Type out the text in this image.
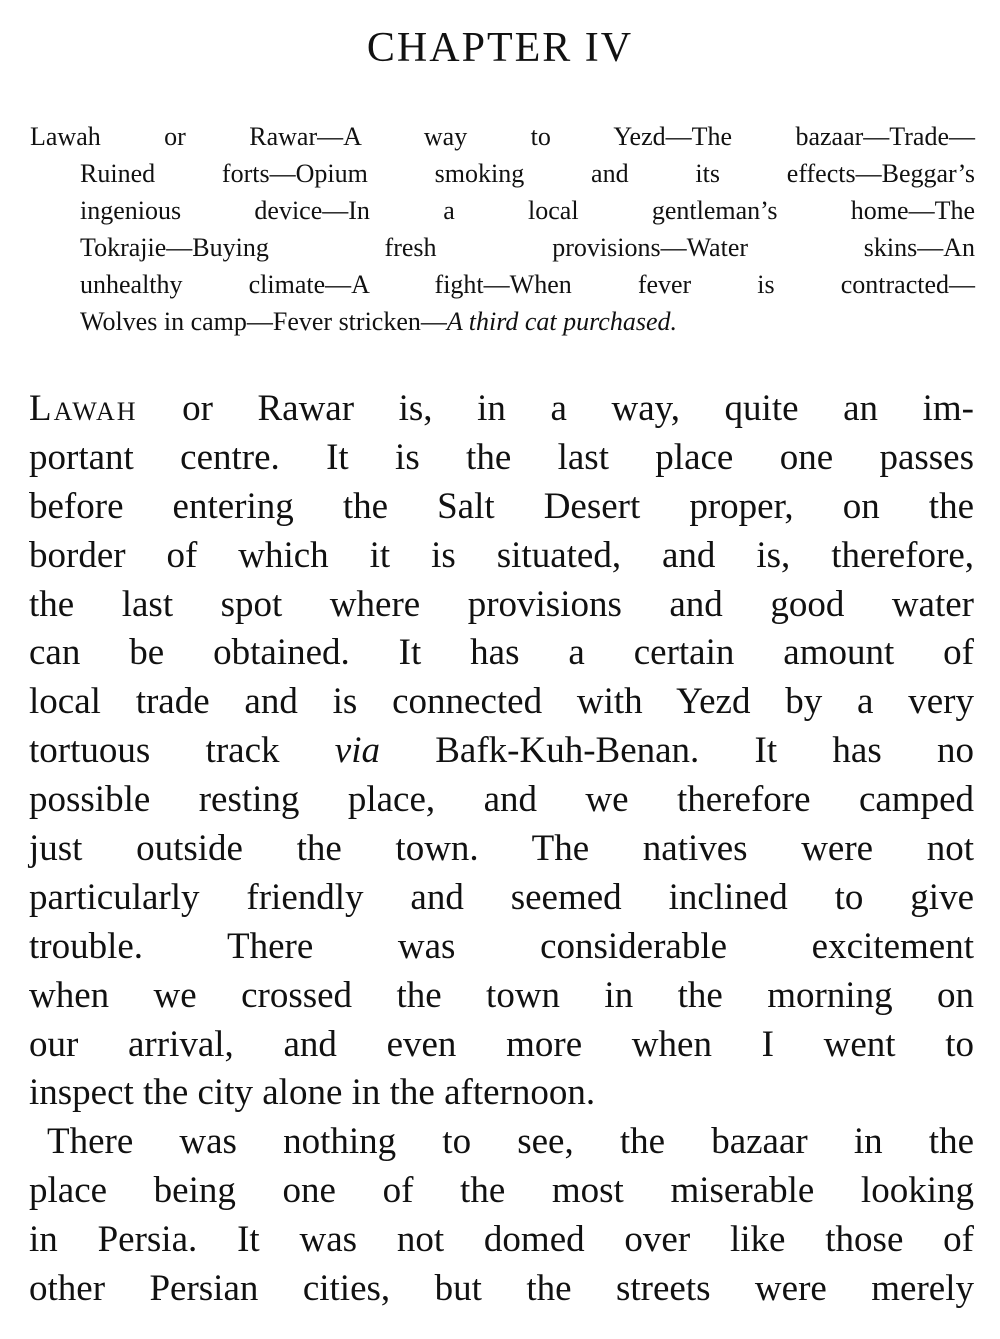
CHAPTER IV
Lawah or Rawar—A way to Yezd—The bazaar—Trade—
Ruined forts—Opium smoking and its effects—Beggar’s
ingenious device—In a local gentleman’s home—The
Tokrajie—Buying fresh provisions—Water skins—An
unhealthy climate—A fight—When fever is contracted—
Wolves in camp—Fever stricken—A third cat purchased.
Lawah or Rawar is, in a way, quite an im-
portant centre. It is the last place one passes
before entering the Salt Desert proper, on the
border of which it is situated, and is, therefore,
the last spot where provisions and good water
can be obtained. It has a certain amount of
local trade and is connected with Yezd by a very
tortuous track via Bafk-Kuh-Benan. It has no
possible resting place, and we therefore camped
just outside the town. The natives were not
particularly friendly and seemed inclined to give
trouble. There was considerable excitement
when we crossed the town in the morning on
our arrival, and even more when I went to
inspect the city alone in the afternoon.
There was nothing to see, the bazaar in the
place being one of the most miserable looking
in Persia. It was not domed over like those of
other Persian cities, but the streets were merely
